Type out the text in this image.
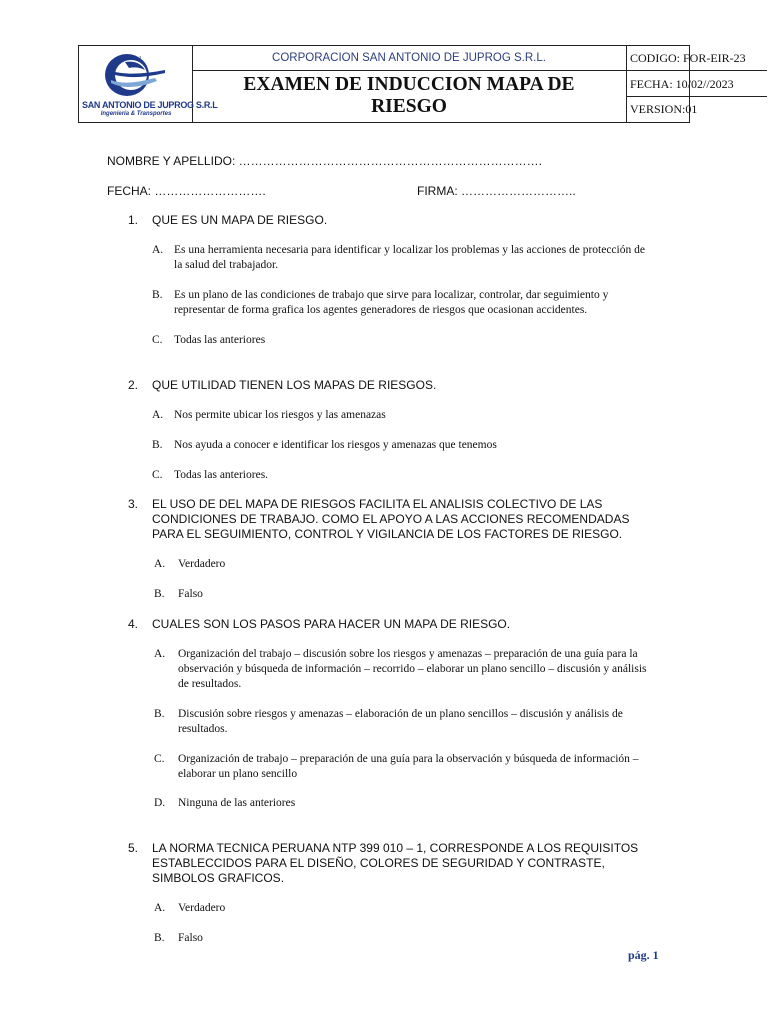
S.A.J
SAN ANTONIO DE JUPROG S.R.L
Ingeniería & Transportes
CORPORACION SAN ANTONIO DE JUPROG S.R.L.
EXAMEN DE INDUCCION MAPA DE
RIESGO
CODIGO: FOR-EIR-23
FECHA: 10/02//2023
VERSION:01
NOMBRE Y APELLIDO: ………………………………………………………………….
FECHA: ……………………….	FIRMA: ………………………..
1. QUE ES UN MAPA DE RIESGO.
A. Es una herramienta necesaria para identificar y localizar los problemas y las acciones de protección de la salud del trabajador.
B. Es un plano de las condiciones de trabajo que sirve para localizar, controlar, dar seguimiento y representar de forma grafica los agentes generadores de riesgos que ocasionan accidentes.
C. Todas las anteriores
2. QUE UTILIDAD TIENEN LOS MAPAS DE RIESGOS.
A. Nos permite ubicar los riesgos y las amenazas
B. Nos ayuda a conocer e identificar los riesgos y amenazas que tenemos
C. Todas las anteriores.
3. EL USO DE DEL MAPA DE RIESGOS FACILITA EL ANALISIS COLECTIVO DE LAS CONDICIONES DE TRABAJO. COMO EL APOYO A LAS ACCIONES RECOMENDADAS PARA EL SEGUIMIENTO, CONTROL Y VIGILANCIA DE LOS FACTORES DE RIESGO.
A. Verdadero
B. Falso
4. CUALES SON LOS PASOS PARA HACER UN MAPA DE RIESGO.
A. Organización del trabajo – discusión sobre los riesgos y amenazas – preparación de una guía para la observación y búsqueda de información – recorrido – elaborar un plano sencillo – discusión y análisis de resultados.
B. Discusión sobre riesgos y amenazas – elaboración de un plano sencillos – discusión y análisis de resultados.
C. Organización de trabajo – preparación de una guía para la observación y búsqueda de información – elaborar un plano sencillo
D. Ninguna de las anteriores
5. LA NORMA TECNICA PERUANA NTP 399 010 – 1, CORRESPONDE A LOS REQUISITOS ESTABLECCIDOS PARA EL DISEÑO, COLORES DE SEGURIDAD Y CONTRASTE, SIMBOLOS GRAFICOS.
A. Verdadero
B. Falso
pág. 1
